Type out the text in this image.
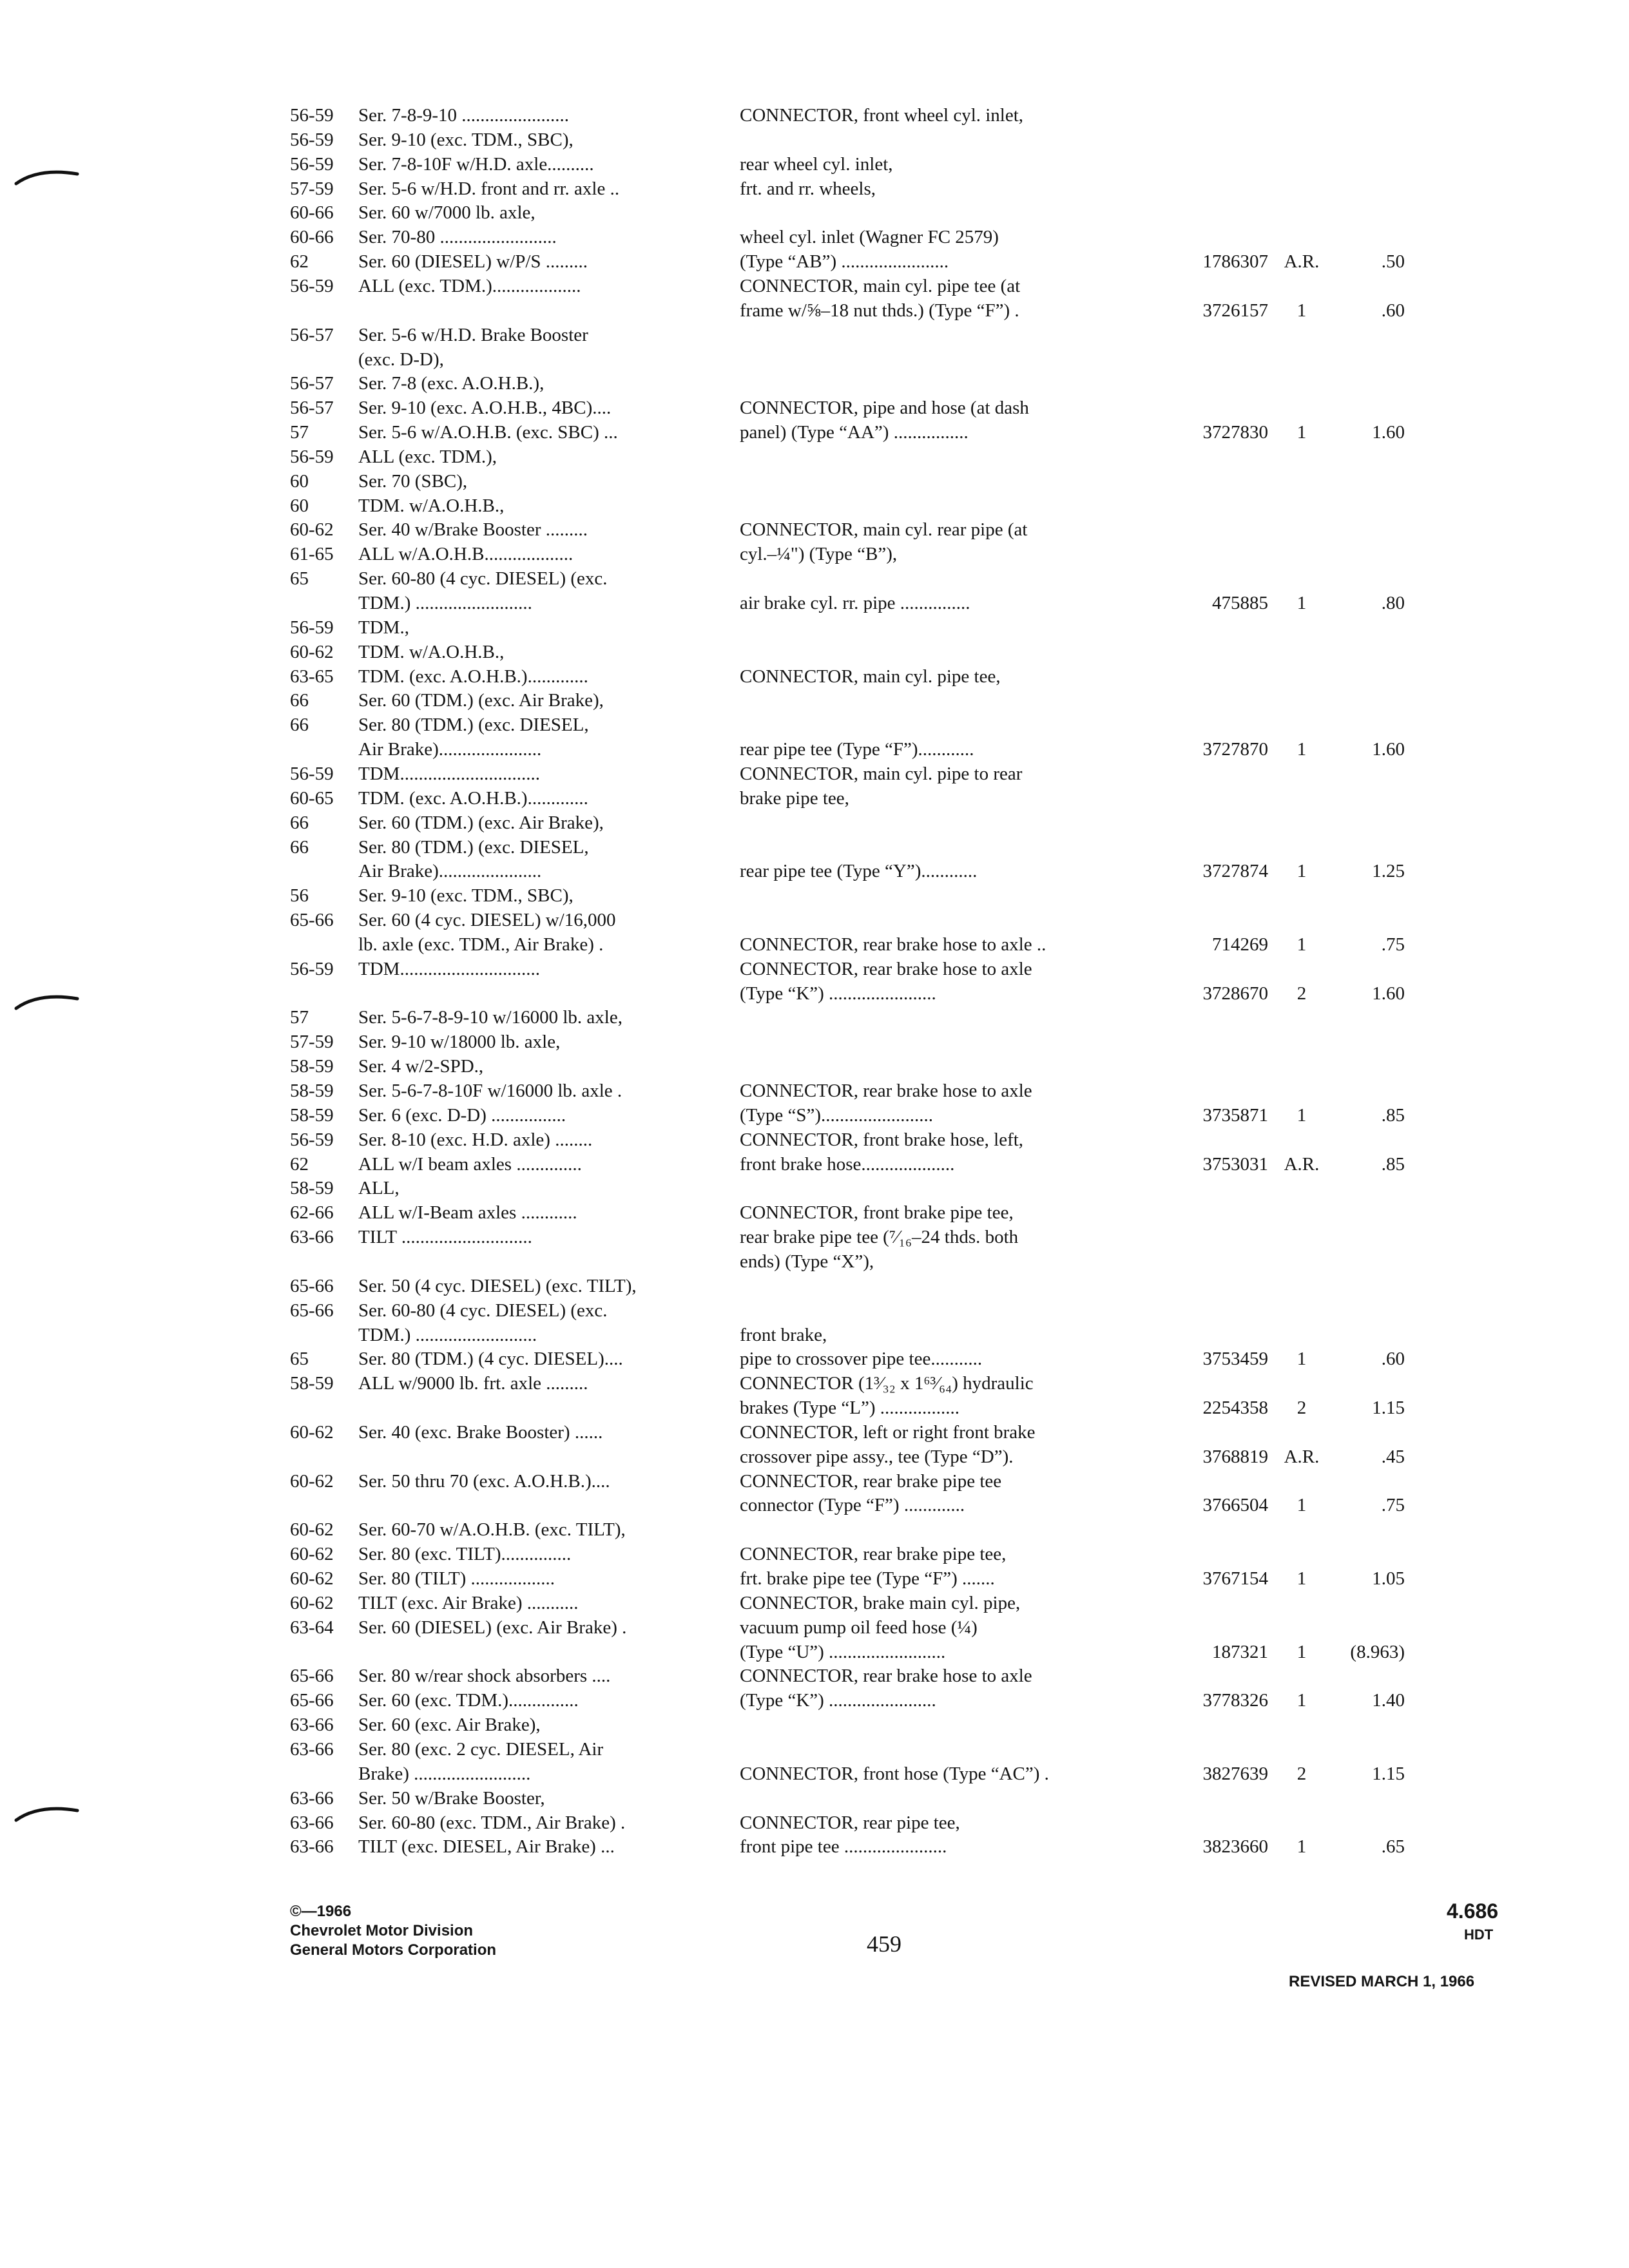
56-59 Ser. 7-8-9-10 .......................	CONNECTOR, front wheel cyl. inlet,
56-59 Ser. 9-10 (exc. TDM., SBC),
56-59 Ser. 7-8-10F w/H.D. axle..........	rear wheel cyl. inlet,
57-59 Ser. 5-6 w/H.D. front and rr. axle ..	frt. and rr. wheels,
60-66 Ser. 60 w/7000 lb. axle,
60-66 Ser. 70-80 .........................	wheel cyl. inlet (Wagner FC 2579)
62	Ser. 60 (DIESEL) w/P/S .........	(Type “AB”) .......................	1786307 A.R.	.50
56-59 ALL (exc. TDM.)...................	CONNECTOR, main cyl. pipe tee (at
frame w/⅝–18 nut thds.) (Type “F”) .	3726157	1	.60
56-57 Ser. 5-6 w/H.D. Brake Booster
(exc. D-D),
56-57 Ser. 7-8 (exc. A.O.H.B.),
56-57 Ser. 9-10 (exc. A.O.H.B., 4BC)....	CONNECTOR, pipe and hose (at dash
57	Ser. 5-6 w/A.O.H.B. (exc. SBC) ...	panel) (Type “AA”) ................	3727830	1	1.60
56-59 ALL (exc. TDM.),
60	Ser. 70 (SBC),
60	TDM. w/A.O.H.B.,
60-62 Ser. 40 w/Brake Booster .........	CONNECTOR, main cyl. rear pipe (at
61-65 ALL w/A.O.H.B...................	cyl.–¼") (Type “B”),
65	Ser. 60-80 (4 cyc. DIESEL) (exc.
TDM.) .........................	air brake cyl. rr. pipe ...............	475885	1	.80
56-59 TDM.,
60-62 TDM. w/A.O.H.B.,
63-65 TDM. (exc. A.O.H.B.).............	CONNECTOR, main cyl. pipe tee,
66	Ser. 60 (TDM.) (exc. Air Brake),
66	Ser. 80 (TDM.) (exc. DIESEL,
Air Brake)......................	rear pipe tee (Type “F”)............	3727870	1	1.60
56-59 TDM..............................	CONNECTOR, main cyl. pipe to rear
60-65 TDM. (exc. A.O.H.B.).............	brake pipe tee,
66	Ser. 60 (TDM.) (exc. Air Brake),
66	Ser. 80 (TDM.) (exc. DIESEL,
Air Brake)......................	rear pipe tee (Type “Y”)............	3727874	1	1.25
56	Ser. 9-10 (exc. TDM., SBC),
65-66 Ser. 60 (4 cyc. DIESEL) w/16,000
lb. axle (exc. TDM., Air Brake) .	CONNECTOR, rear brake hose to axle ..	714269	1	.75
56-59 TDM..............................	CONNECTOR, rear brake hose to axle
(Type “K”) .......................	3728670	2	1.60
57	Ser. 5-6-7-8-9-10 w/16000 lb. axle,
57-59 Ser. 9-10 w/18000 lb. axle,
58-59 Ser. 4 w/2-SPD.,
58-59 Ser. 5-6-7-8-10F w/16000 lb. axle .	CONNECTOR, rear brake hose to axle
58-59 Ser. 6 (exc. D-D) ................	(Type “S”)........................	3735871	1	.85
56-59 Ser. 8-10 (exc. H.D. axle) ........	CONNECTOR, front brake hose, left,
62	ALL w/I beam axles ..............	front brake hose....................	3753031 A.R.	.85
58-59 ALL,
62-66 ALL w/I-Beam axles ............	CONNECTOR, front brake pipe tee,
63-66 TILT ............................	rear brake pipe tee (⁷⁄₁₆–24 thds. both
ends) (Type “X”),
65-66 Ser. 50 (4 cyc. DIESEL) (exc. TILT),
65-66 Ser. 60-80 (4 cyc. DIESEL) (exc.
TDM.) ..........................	front brake,
65	Ser. 80 (TDM.) (4 cyc. DIESEL)....	pipe to crossover pipe tee...........	3753459	1	.60
58-59 ALL w/9000 lb. frt. axle .........	CONNECTOR (1³⁄₃₂ x 1⁶³⁄₆₄) hydraulic
brakes (Type “L”) .................	2254358	2	1.15
60-62 Ser. 40 (exc. Brake Booster) ......	CONNECTOR, left or right front brake
crossover pipe assy., tee (Type “D”).	3768819 A.R.	.45
60-62 Ser. 50 thru 70 (exc. A.O.H.B.)....	CONNECTOR, rear brake pipe tee
connector (Type “F”) .............	3766504	1	.75
60-62 Ser. 60-70 w/A.O.H.B. (exc. TILT),
60-62 Ser. 80 (exc. TILT)...............	CONNECTOR, rear brake pipe tee,
60-62 Ser. 80 (TILT) ..................	frt. brake pipe tee (Type “F”) .......	3767154	1	1.05
60-62 TILT (exc. Air Brake) ...........	CONNECTOR, brake main cyl. pipe,
63-64 Ser. 60 (DIESEL) (exc. Air Brake) .	vacuum pump oil feed hose (¼)
(Type “U”) .........................	187321	1	(8.963)
65-66 Ser. 80 w/rear shock absorbers ....	CONNECTOR, rear brake hose to axle
65-66 Ser. 60 (exc. TDM.)...............	(Type “K”) .......................	3778326	1	1.40
63-66 Ser. 60 (exc. Air Brake),
63-66 Ser. 80 (exc. 2 cyc. DIESEL, Air
Brake) .........................	CONNECTOR, front hose (Type “AC”) .	3827639	2	1.15
63-66 Ser. 50 w/Brake Booster,
63-66 Ser. 60-80 (exc. TDM., Air Brake) .	CONNECTOR, rear pipe tee,
63-66 TILT (exc. DIESEL, Air Brake) ...	front pipe tee ......................	3823660	1	.65
©—1966
Chevrolet Motor Division
General Motors Corporation	459
4.686
HDT
REVISED MARCH 1, 1966
